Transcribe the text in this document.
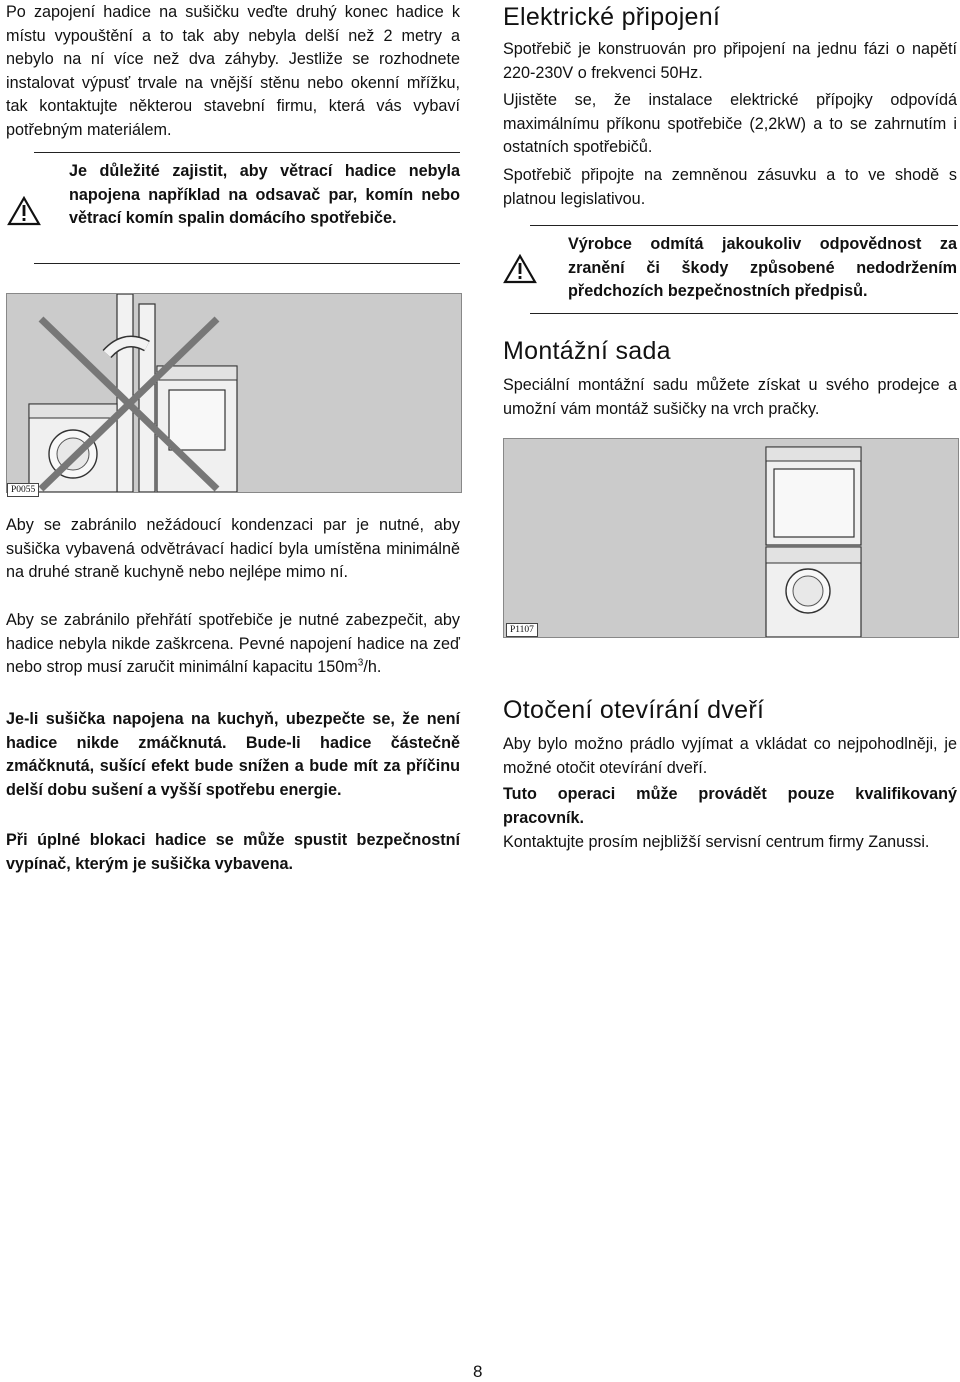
Po zapojení hadice na sušičku veďte druhý konec hadice k místu vypouštění a to tak aby nebyla delší než 2 metry a nebylo na ní více než dva záhyby. Jestliže se rozhodnete instalovat výpusť trvale na vnější stěnu nebo okenní mřížku, tak kontaktujte některou stavební firmu, která vás vybaví potřebným materiálem.

Je důležité zajistit, aby větrací hadice nebyla napojena například na odsavač par, komín nebo větrací komín spalin domácího spotřebiče.
P0055

Aby se zabránilo nežádoucí kondenzaci par je nutné, aby sušička vybavená odvětrávací hadicí byla umístěna minimálně na druhé straně kuchyně nebo nejlépe mimo ní.

Aby se zabránilo přehřátí spotřebiče je nutné zabezpečit, aby hadice nebyla nikde zaškrcena. Pevné napojení hadice na zeď nebo strop musí zaručit minimální kapacitu $150m^3/h$.

Je-li sušička napojena na kuchyň, ubezpečte se, že není hadice nikde zmáčknutá. Bude-li hadice částečně zmáčknutá, sušící efekt bude snížen a bude mít za příčinu delší dobu sušení a vyšší spotřebu energie.

Při úplné blokaci hadice se může spustit bezpečnostní vypínač, kterým je sušička vybavena.

Elektrické připojení

Spotřebič je konstruován pro připojení na jednu fázi o napětí 220-230V o frekvenci 50Hz.

Ujistěte se, že instalace elektrické přípojky odpovídá maximálnímu příkonu spotřebiče (2,2kW) a to se zahrnutím i ostatních spotřebičů.

Spotřebič připojte na zemněnou zásuvku a to ve shodě s platnou legislativou.

Výrobce odmítá jakoukoliv odpovědnost za zranění či škody způsobené nedodržením předchozích bezpečnostních předpisů.
Montážní sada

Speciální montážní sadu můžete získat u svého prodejce a umožní vám montáž sušičky na vrch pračky.

P1107
Otočení otevírání dveří

Aby bylo možno prádlo vyjímat a vkládat co nejpohodlněji, je možné otočit otevírání dveří.

Tuto operaci může provádět pouze kvalifikovaný pracovník.

Kontaktujte prosím nejbližší servisní centrum firmy Zanussi.

8
